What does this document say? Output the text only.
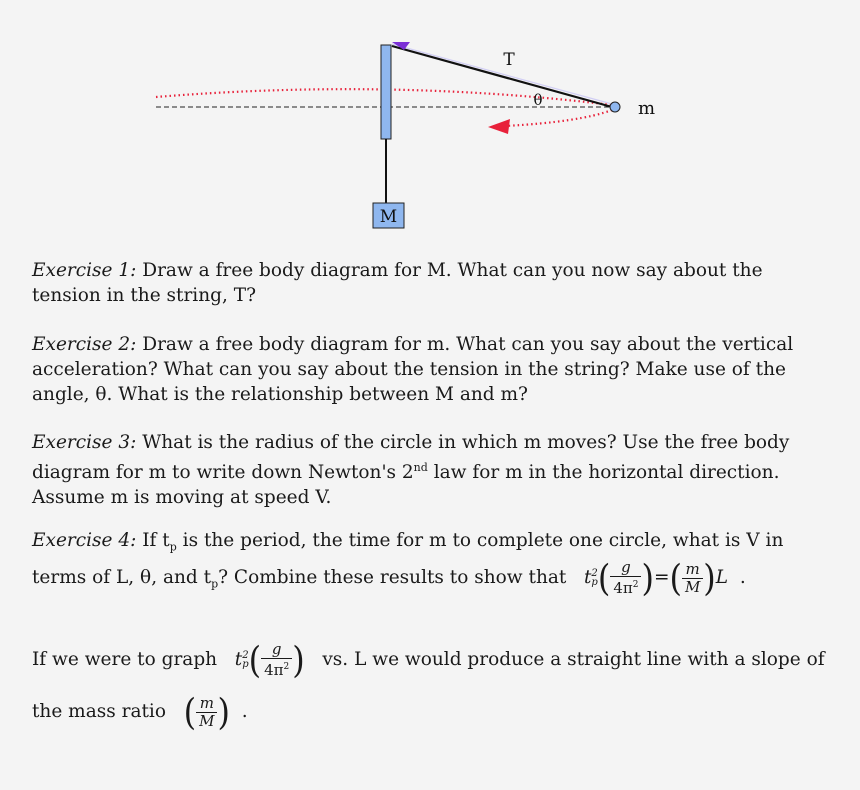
M
T
θ	m
Exercise 1: Draw a free body diagram for M. What can you now say about the tension in the string, T?
Exercise 2: Draw a free body diagram for m. What can you say about the vertical acceleration? What can you say about the tension in the string? Make use of the angle, θ. What is the relationship between M and m?
Exercise 3: What is the radius of the circle in which m moves? Use the free body diagram for m to write down Newton's 2nd law for m in the horizontal direction. Assume m is moving at speed V.
Exercise 4: If $t_p$ is the period, the time for m to complete one circle, what is V in
terms of L, θ, and $t_p$? Combine these results to show that t 2
p ( $\frac{g}{4\pi^2}$ )=( $\frac{m}{M} )L$ .
If we were to graph t 2
p ( $\frac{g}{4\pi^2}$ ) vs. L we would produce a straight line with a slope of
the mass ratio ( $\frac{m}{M}$ ) .
